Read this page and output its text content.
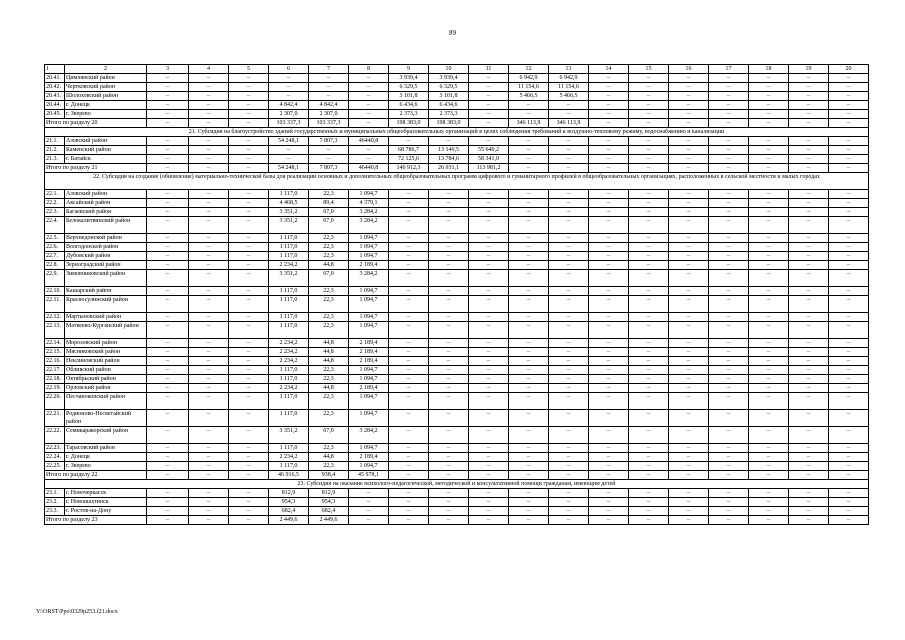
89
1	2	3	4	5	6	7	8	9	10	11	12	13	14	15	16	17	18	19	20
20.41.	Цимлянский район	–	–	–	–	–	–	3 939,4	3 939,4	–	6 942,9	6 942,9	–	–	–	–	–	–	–
20.42.	Чертковский район	–	–	–	–	–	–	6 329,5	6 329,5	–	11 154,6	11 154,6	–	–	–	–	–	–	–
20.43.	Шолоховский район	–	–	–	–	–	–	3 101,8	3 101,8	–	5 466,5	5 466,5	–	–	–	–	–	–	–
20.44.	г. Донецк	–	–	–	4 842,4	4 842,4	–	6 434,6	6 434,6	–	–	–	–	–	–	–	–	–	–
20.45.	г. Зверево	–	–	–	2 307,0	2 307,0	–	2 373,3	2 373,3	–	–	–	–	–	–	–	–	–	–
Итого по разделу 20		–	–	–	103 337,3	103 337,3	–	198 383,0	198 383,0	–	346 113,9	346 113,9	–	–	–	–	–	–	–
21. Субсидия на благоустройство зданий государственных и муниципальных общеобразовательных организаций в целях соблюдения требований к воздушно-тепловому режиму, водоснабжению и канализации																			
21.1.	Азовский район	–	–	–	54 248,1	7 807,3	46440,8	–	–	–	–	–	–	–	–	–	–	–	–
21.2.	Каменский район	–	–	–	–	–	–	68 786,7	13 146,5	55 640,2	–	–	–	–	–	–	–	–	–
21.3.	г. Батайск	–	–	–	–	–	–	72 125,6	13 784,6	58 341,0	–	–	–	–	–	–	–	–	–
Итого по разделу 21		–	–	–	54 248,1	7 807,3	46440,8	140 912,3	26 931,1	113 981,2	–	–	–	–	–	–	–	–	–
22. Субсидия на создание (обновление) материально-технической базы для реализации основных и дополнительных общеобразовательных программ цифрового и гуманитарного профилей в общеобразовательных организациях, расположенных в сельской местности и малых городах																			
22.1.	Азовский район	–	–	–	1 117,0	22,3	1 094,7	–	–	–	–	–	–	–	–	–	–	–	–
22.2.	Аксайский район	–	–	–	4 468,5	89,4	4 379,1	–	–	–	–	–	–	–	–	–	–	–	–
22.3.	Багаевский район	–	–	–	3 351,2	67,0	3 284,2	–	–	–	–	–	–	–	–	–	–	–	–
22.4.	Белокалитвинский район	–	–	–	3 351,2	67,0	3 284,2	–	–	–	–	–	–	–	–	–	–	–	–
22.5.	Верхнедонской район	–	–	–	1 117,0	22,3	1 094,7	–	–	–	–	–	–	–	–	–	–	–	–
22.6.	Волгодонской район	–	–	–	1 117,0	22,3	1 094,7	–	–	–	–	–	–	–	–	–	–	–	–
22.7.	Дубовский район	–	–	–	1 117,0	22,3	1 094,7	–	–	–	–	–	–	–	–	–	–	–	–
22.8.	Зерноградский район	–	–	–	2 234,2	44,8	2 189,4	–	–	–	–	–	–	–	–	–	–	–	–
22.9.	Зимовниковский район	–	–	–	3 351,2	67,0	3 284,2	–	–	–	–	–	–	–	–	–	–	–	–
22.10.	Кашарский район	–	–	–	1 117,0	22,3	1 094,7	–	–	–	–	–	–	–	–	–	–	–	–
22.11.	Красносулинский район	–	–	–	1 117,0	22,3	1 094,7	–	–	–	–	–	–	–	–	–	–	–	–
22.12.	Мартыновский район	–	–	–	1 117,0	22,3	1 094,7	–	–	–	–	–	–	–	–	–	–	–	–
22.13.	Матвеево-Курганский район	–	–	–	1 117,0	22,3	1 094,7	–	–	–	–	–	–	–	–	–	–	–	–
22.14.	Морозовский район	–	–	–	2 234,2	44,8	2 189,4	–	–	–	–	–	–	–	–	–	–	–	–
22.15.	Мясниковский район	–	–	–	2 234,2	44,8	2 189,4	–	–	–	–	–	–	–	–	–	–	–	–
22.16.	Неклиновский район	–	–	–	2 234,2	44,8	2 189,4	–	–	–	–	–	–	–	–	–	–	–	–
22.17.	Обливский район	–	–	–	1 117,0	22,3	1 094,7	–	–	–	–	–	–	–	–	–	–	–	–
22.18.	Октябрьский район	–	–	–	1 117,0	22,3	1 094,7	–	–	–	–	–	–	–	–	–	–	–	–
22.19.	Орловский район	–	–	–	2 234,2	44,8	2 189,4	–	–	–	–	–	–	–	–	–	–	–	–
22.20.	Песчанокопский район	–	–	–	1 117,0	22,3	1 094,7	–	–	–	–	–	–	–	–	–	–	–	–
22.21.	Родионово-Несветайский район	–	–	–	1 117,0	22,3	1 094,7	–	–	–	–	–	–	–	–	–	–	–	–
22.22.	Семикаракорский район	–	–	–	3 351,2	67,0	3 284,2	–	–	–	–	–	–	–	–	–	–	–	–
22.23.	Тарасовский район	–	–	–	1 117,0	22,3	1 094,7	–	–	–	–	–	–	–	–	–	–	–	–
22.24.	г. Донецк	–	–	–	2 234,2	44,8	2 189,4	–	–	–	–	–	–	–	–	–	–	–	–
22.25.	г. Зверево	–	–	–	1 117,0	22,3	1 094,7	–	–	–	–	–	–	–	–	–	–	–	–
Итого по разделу 22		–	–	–	46 916,5	938,4	45 978,1	–	–	–	–	–	–	–	–	–	–	–	–
23. Субсидия на оказание психолого-педагогической, методической и консультативной помощи гражданам, имеющим детей																			
23.1.	г. Новочеркасск	–	–	–	812,9	812,9	–	–	–	–	–	–	–	–	–	–	–	–	–
23.2.	г. Новошахтинск	–	–	–	954,3	954,3	–	–	–	–	–	–	–	–	–	–	–	–	–
23.3.	г. Ростов-на-Дону	–	–	–	682,4	682,4	–	–	–	–	–	–	–	–	–	–	–	–	–
Итого по разделу 23		–	–	–	2 449,6	2 449,6	–	–	–	–	–	–	–	–	–	–	–	–	–
Y:\ORST\Ppo\0329p253.f21.docx
